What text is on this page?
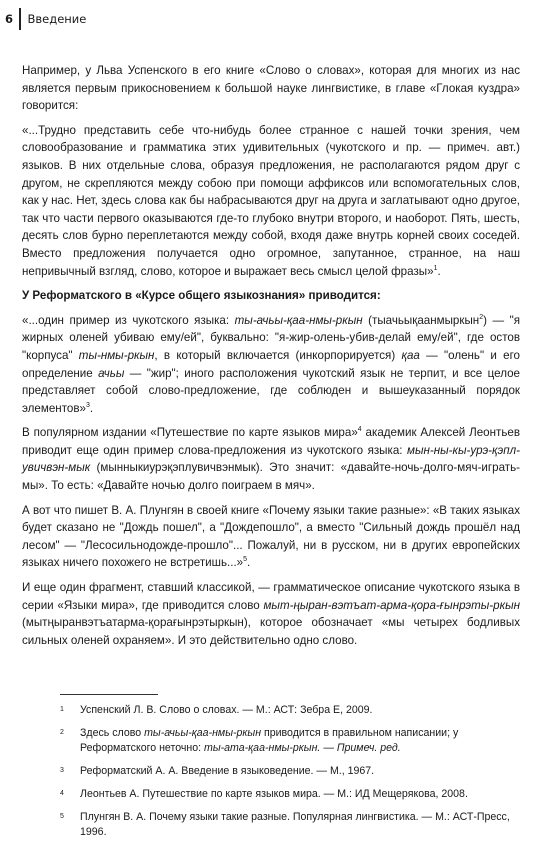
6	Введение

Например, у Льва Успенского в его книге «Слово о словах», которая для многих из нас является первым прикосновением к большой науке лингвистике, в главе «Глокая куздра» говорится:

«...Трудно представить себе что-нибудь более странное с нашей точки зрения, чем словообразование и грамматика этих удивительных (чукотского и пр. — примеч. авт.) языков. В них отдельные слова, образуя предложения, не располагаются рядом друг с другом, не скрепляются между собою при помощи аффиксов или вспомогательных слов, как у нас. Нет, здесь слова как бы набрасываются друг на друга и заглатывают одно другое, так что части первого оказываются где-то глубоко внутри второго, и наоборот. Пять, шесть, десять слов бурно переплетаются между собой, входя даже внутрь корней своих соседей. Вместо предложения получается одно огромное, запутанное, странное, на наш непривычный взгляд, слово, которое и выражает весь смысл целой фразы»$^1$.

У Реформатского в «Курсе общего языкознания» приводится:

«...один пример из чукотского языка: ты-ачьы-қаа-нмы-ркын (тыачьықаанмыркын$^2$) — "я жирных оленей убиваю ему/ей", буквально: "я-жир-олень-убив-делай ему/ей", где остов "корпуса" ты-нмы-ркын, в который включается (инкорпорируется) қаа — "олень" и его определение ачьы — "жир"; иного расположения чукотский язык не терпит, и все целое представляет собой слово-предложение, где соблюден и вышеуказанный порядок элементов»$^3$.

В популярном издании «Путешествие по карте языков мира»$^4$ академик Алексей Леонтьев приводит еще один пример слова-предложения из чукотского языка: мын-ны-кы-урэ-қэпл-увичвэн-мык (мынныкиурэқэплувичвэнмык). Это значит: «давайте-ночь-долго-мяч-играть-мы». То есть: «Давайте ночью долго поиграем в мяч».

А вот что пишет В. А. Плунгян в своей книге «Почему языки такие разные»: «В таких языках будет сказано не "Дождь пошел", а "Дождепошло", а вместо "Сильный дождь прошёл над лесом" — "Лесосильнодожде-прошло"... Пожалуй, ни в русском, ни в других европейских языках ничего похожего не встретишь...»$^5$.

И еще один фрагмент, ставший классикой, — грамматическое описание чукотского языка в серии «Языки мира», где приводится слово мыт-ңыран-вэтъат-арма-қора-ғынрэты-ркын (мытңыранвэтъатарма-қорағынрэтыркын), которое обозначает «мы четырех бодливых сильных оленей охраняем». И это действительно одно слово.

1	Успенский Л. В. Слово о словах. — М.: АСТ: Зебра Е, 2009.
2	Здесь слово ты-ачьы-қаа-нмы-ркын приводится в правильном написании; у Реформатского неточно: ты-ата-қаа-нмы-ркын. — Примеч. ред.
3	Реформатский А. А. Введение в языковедение. — М., 1967.
4	Леонтьев А. Путешествие по карте языков мира. — М.: ИД Мещерякова, 2008.
5	Плунгян В. А. Почему языки такие разные. Популярная лингвистика. — М.: АСТ-Пресс, 1996.
